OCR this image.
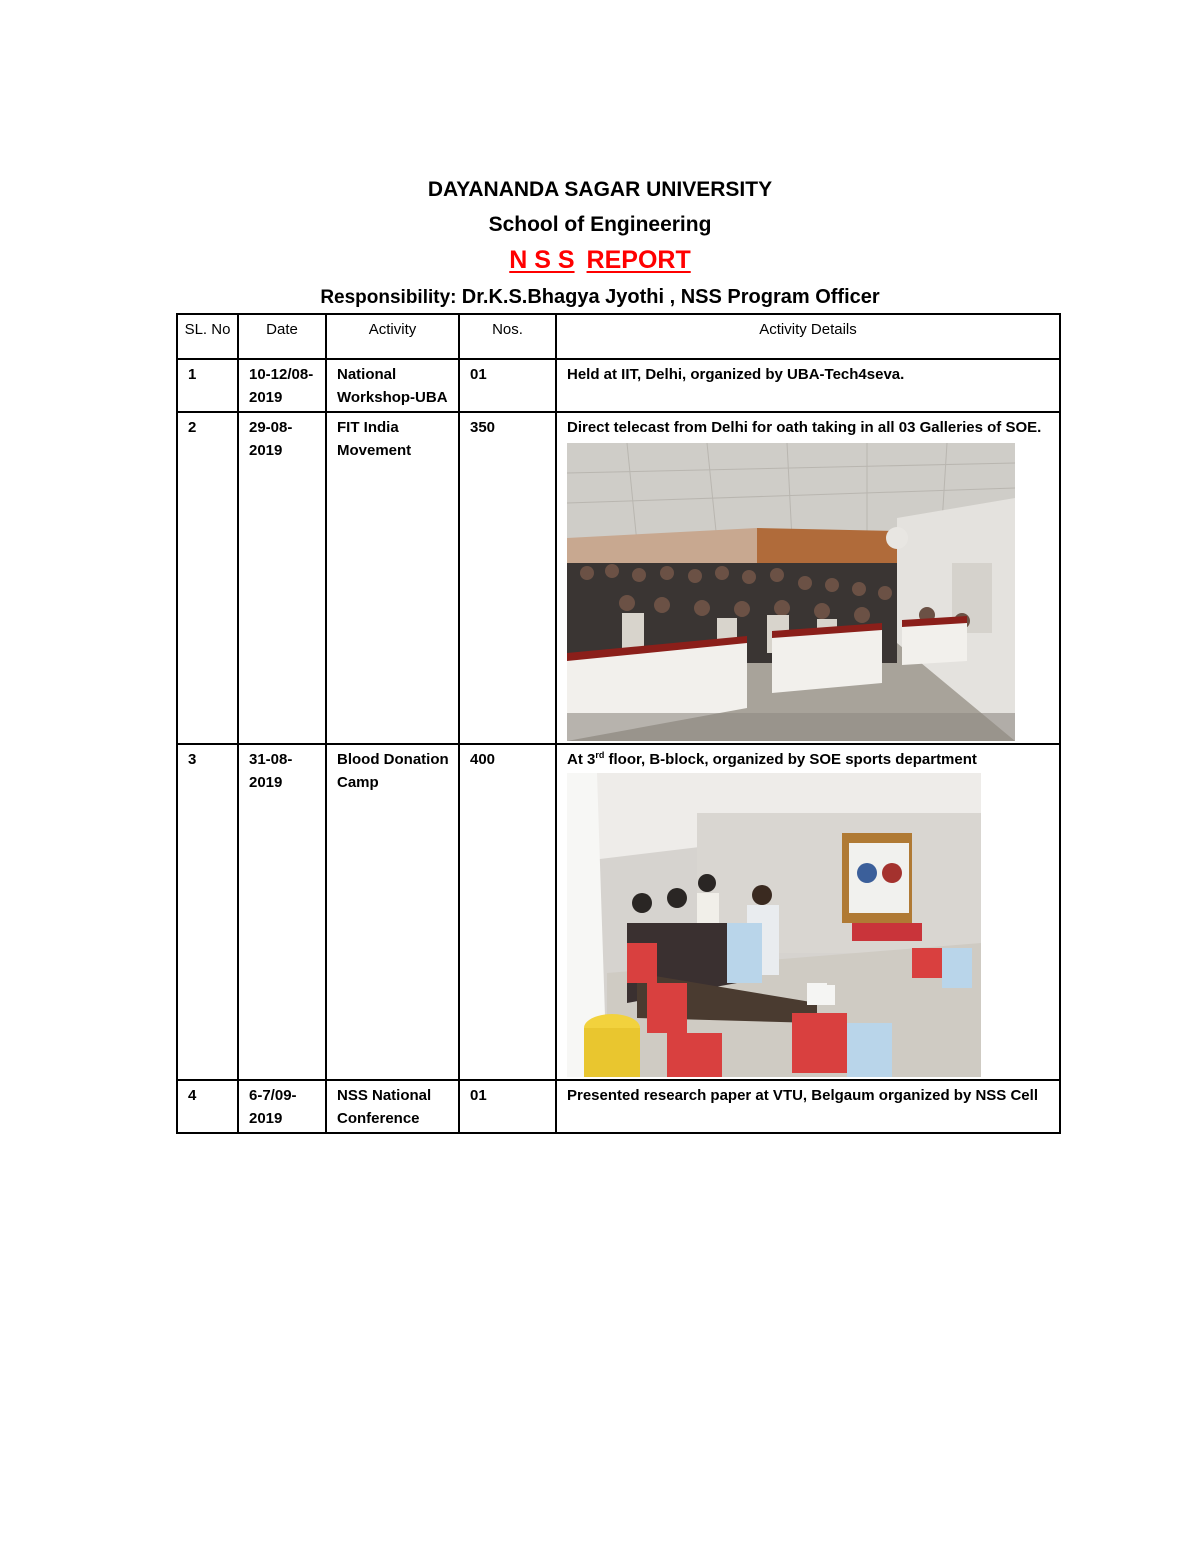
DAYANANDA SAGAR UNIVERSITY
School of Engineering
N S S REPORT
Responsibility: Dr.K.S.Bhagya Jyothi , NSS Program Officer
SL. No	Date	Activity	Nos.	Activity Details
1	10-12/08-2019	National Workshop-UBA	01	Held at IIT, Delhi, organized by UBA-Tech4seva.
2	29-08-2019	FIT India Movement	350	Direct telecast from Delhi for oath taking in all 03 Galleries of SOE.

3	31-08-2019	Blood Donation Camp	400	At 3rd floor, B-block, organized by SOE sports department

4	6-7/09-2019	NSS National Conference	01	Presented research paper at VTU, Belgaum organized by NSS Cell
